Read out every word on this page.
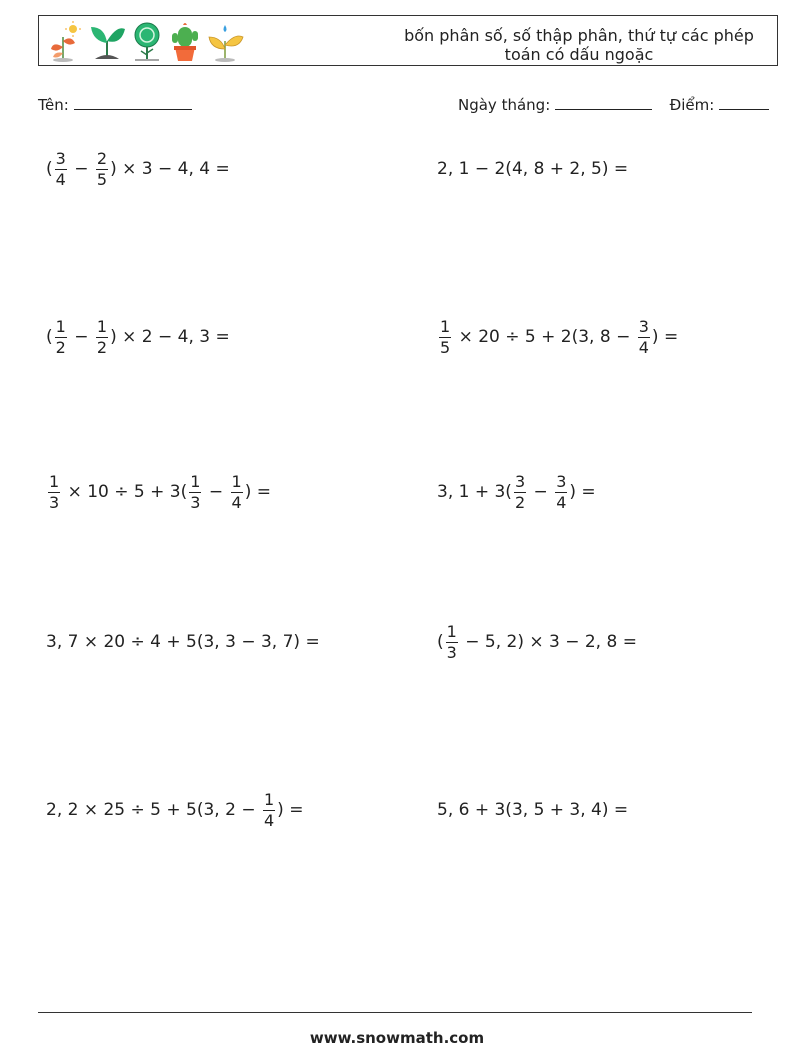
bốn phân số, số thập phân, thứ tự các phép toán có dấu ngoặc
Tên:	Ngày tháng:	Điểm:
( $\frac{3}{4} - \frac{2}{5}$ ) × 3 − 4, 4 =	2, 1 − 2(4, 8 + 2, 5) =
( $\frac{1}{2} - \frac{1}{2}$ ) × 2 − 4, 3 =	$\frac{1}{5} \times 20 \div 5 + 2(3$, $8 - \frac{3}{4}$ ) =
$\frac{1}{3} \times 10 \div 5 + 3( \frac{1}{3} - \frac{1}{4}$ ) =	3, $1 + 3( \frac{3}{2} - \frac{3}{4}$ ) =
3, 7 × 20 ÷ 4 + 5(3, 3 − 3, 7) =	( $\frac{1}{3} - 5$, 2) × 3 − 2, 8 =
2, 2 × 25 ÷ 5 + 5(3, $2 - \frac{1}{4}$ ) =	5, 6 + 3(3, 5 + 3, 4) =
www.snowmath.com
